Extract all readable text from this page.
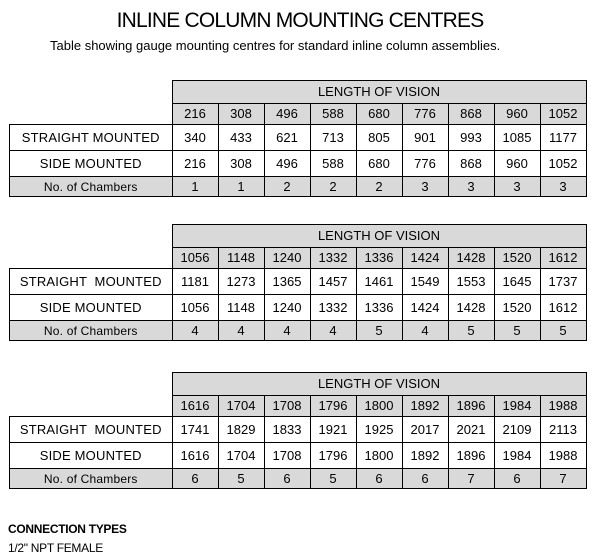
INLINE COLUMN MOUNTING CENTRES
Table showing gauge mounting centres for standard inline column assemblies.
	LENGTH OF VISION								
	216	308	496	588	680	776	868	960	1052
STRAIGHT MOUNTED	340	433	621	713	805	901	993	1085	1177
SIDE MOUNTED	216	308	496	588	680	776	868	960	1052
No. of Chambers	1	1	2	2	2	3	3	3	3
	LENGTH OF VISION								
	1056	1148	1240	1332	1336	1424	1428	1520	1612
STRAIGHT  MOUNTED	1181	1273	1365	1457	1461	1549	1553	1645	1737
SIDE MOUNTED	1056	1148	1240	1332	1336	1424	1428	1520	1612
No. of Chambers	4	4	4	4	5	4	5	5	5
	LENGTH OF VISION								
	1616	1704	1708	1796	1800	1892	1896	1984	1988
STRAIGHT  MOUNTED	1741	1829	1833	1921	1925	2017	2021	2109	2113
SIDE MOUNTED	1616	1704	1708	1796	1800	1892	1896	1984	1988
No. of Chambers	6	5	6	5	6	6	7	6	7
CONNECTION TYPES
1/2" NPT FEMALE
